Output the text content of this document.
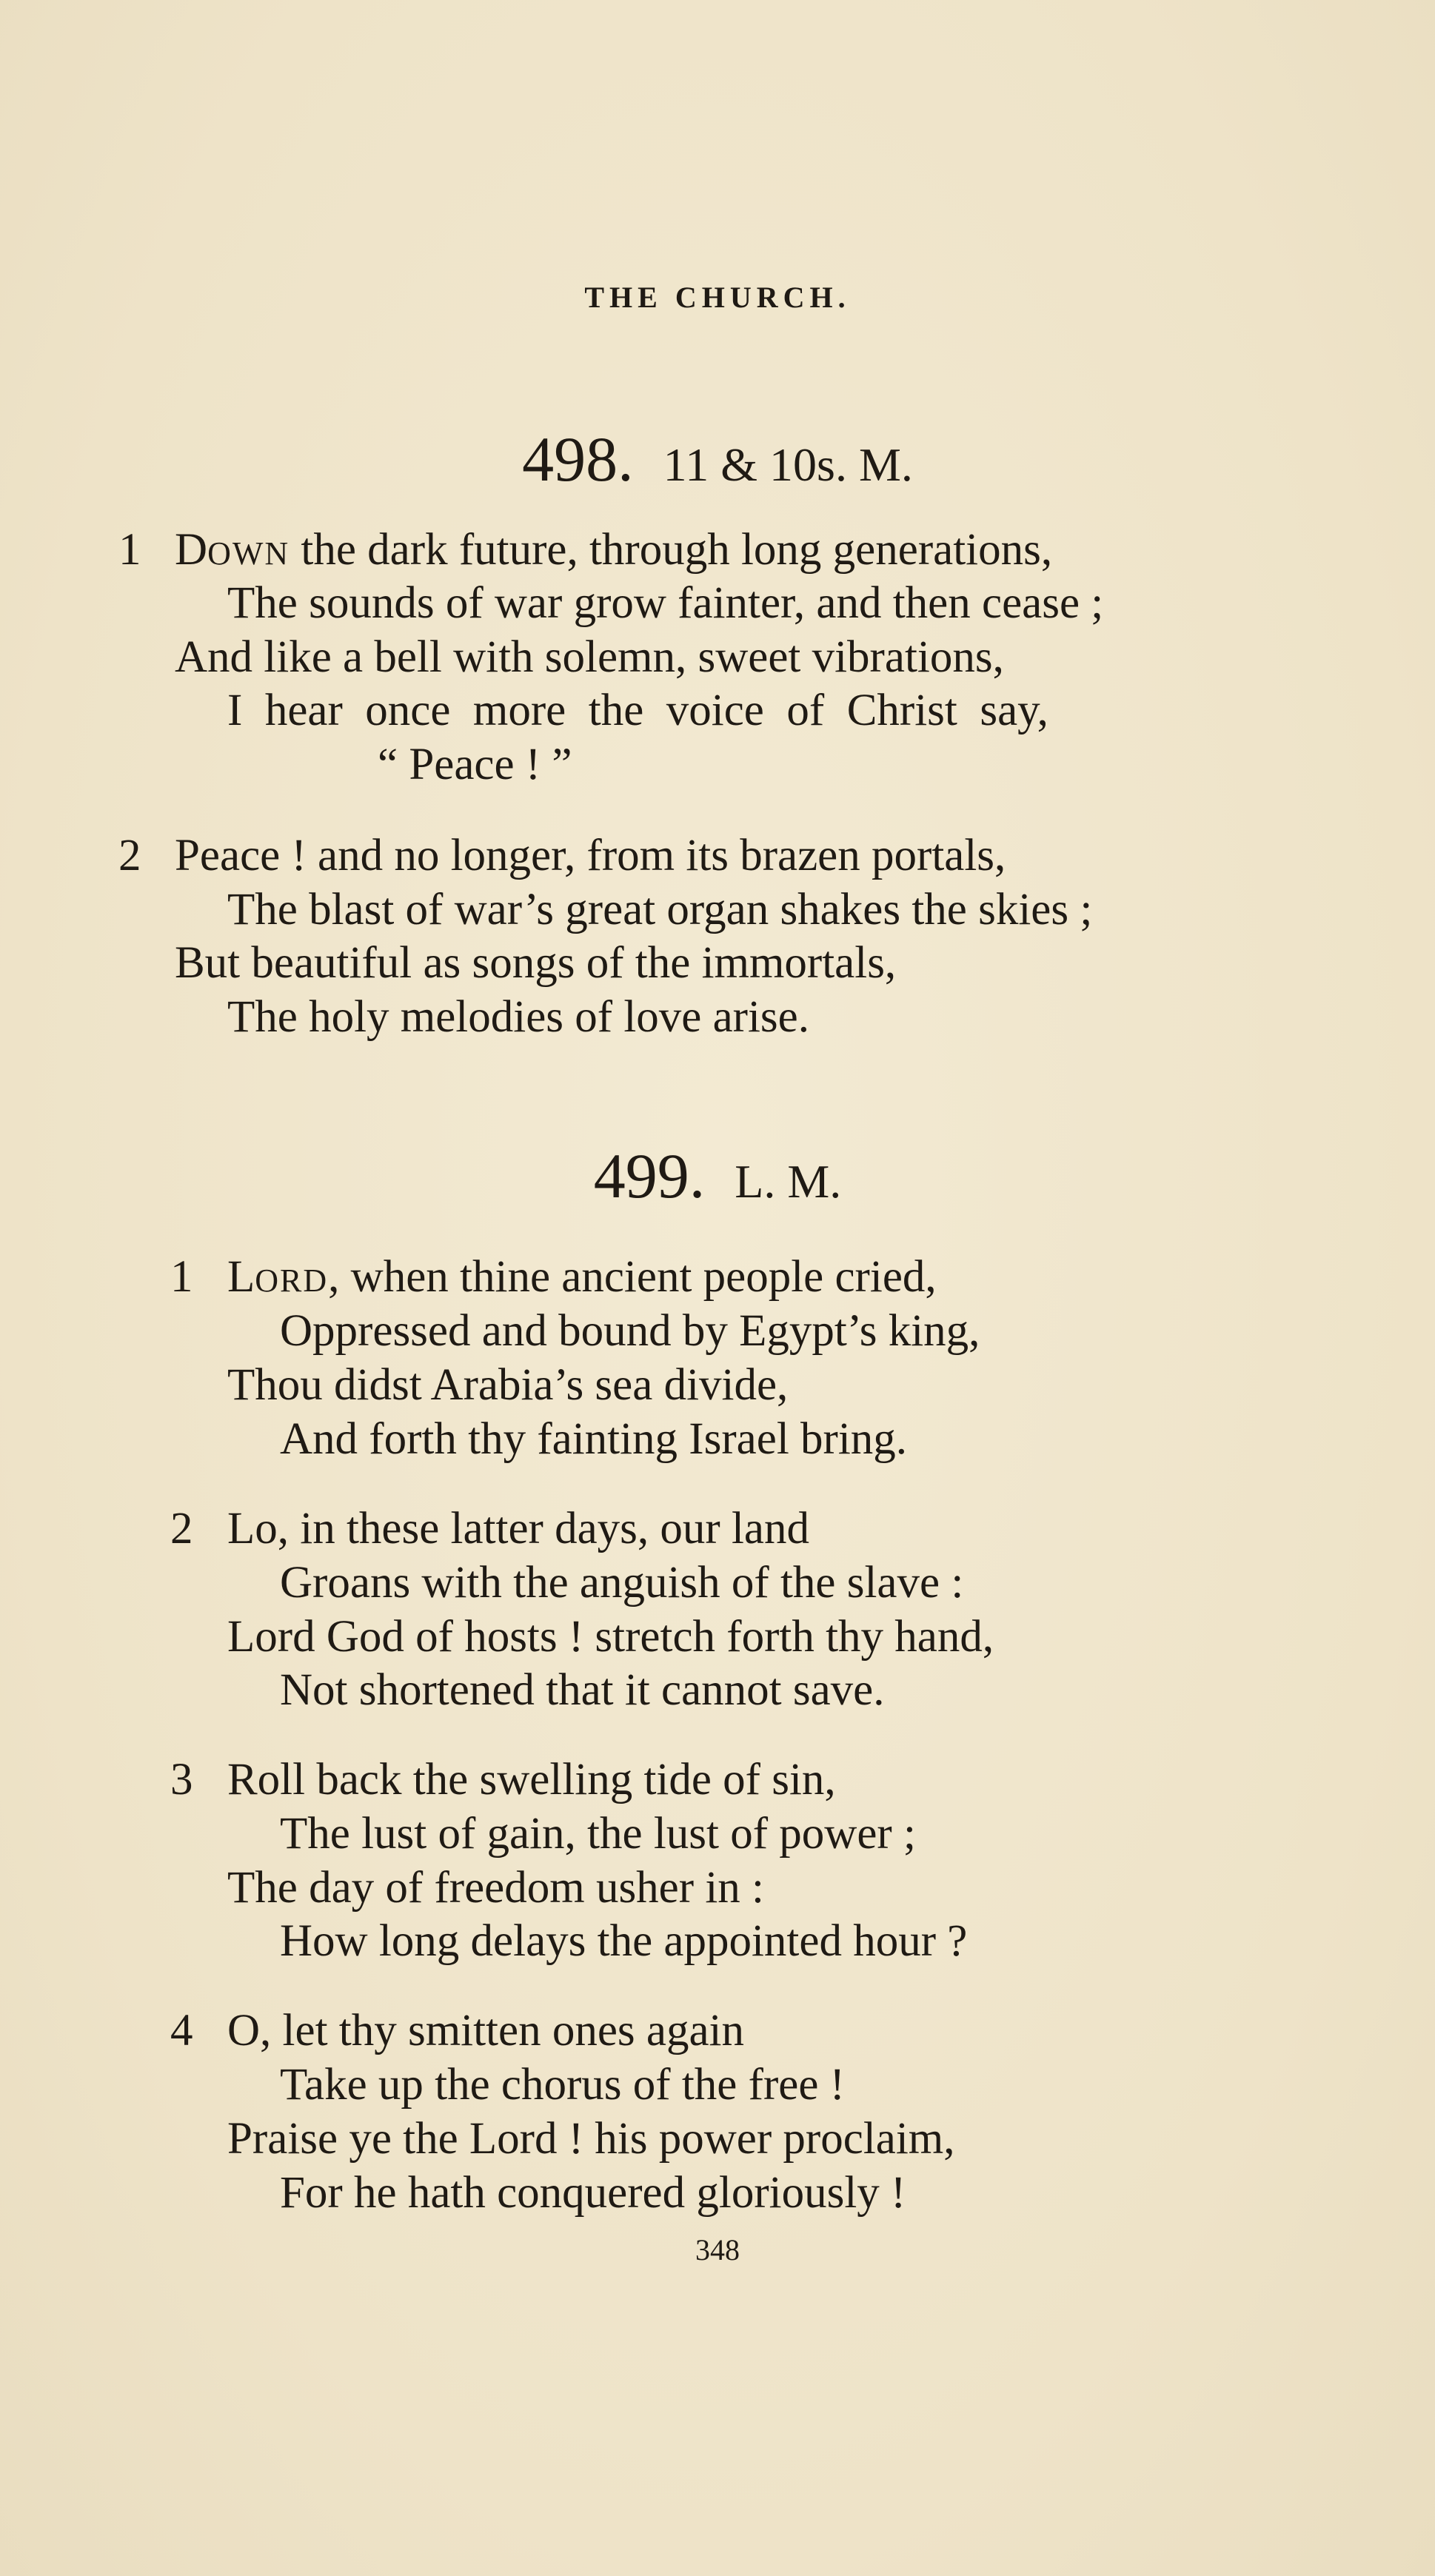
THE CHURCH.
498. 11 & 10s. M.
1 DOWN the dark future, through long generations,
The sounds of war grow fainter, and then cease ;
And like a bell with solemn, sweet vibrations,
I  hear  once  more  the  voice  of  Christ  say,
“ Peace ! ”
2 Peace ! and no longer, from its brazen portals,
The blast of war’s great organ shakes the skies ;
But beautiful as songs of the immortals,
The holy melodies of love arise.
499. L. M.
1 LORD, when thine ancient people cried,
Oppressed and bound by Egypt’s king,
Thou didst Arabia’s sea divide,
And forth thy fainting Israel bring.
2 Lo, in these latter days, our land
Groans with the anguish of the slave :
Lord God of hosts ! stretch forth thy hand,
Not shortened that it cannot save.
3 Roll back the swelling tide of sin,
The lust of gain, the lust of power ;
The day of freedom usher in :
How long delays the appointed hour ?
4 O, let thy smitten ones again
Take up the chorus of the free !
Praise ye the Lord ! his power proclaim,
For he hath conquered gloriously !
348
